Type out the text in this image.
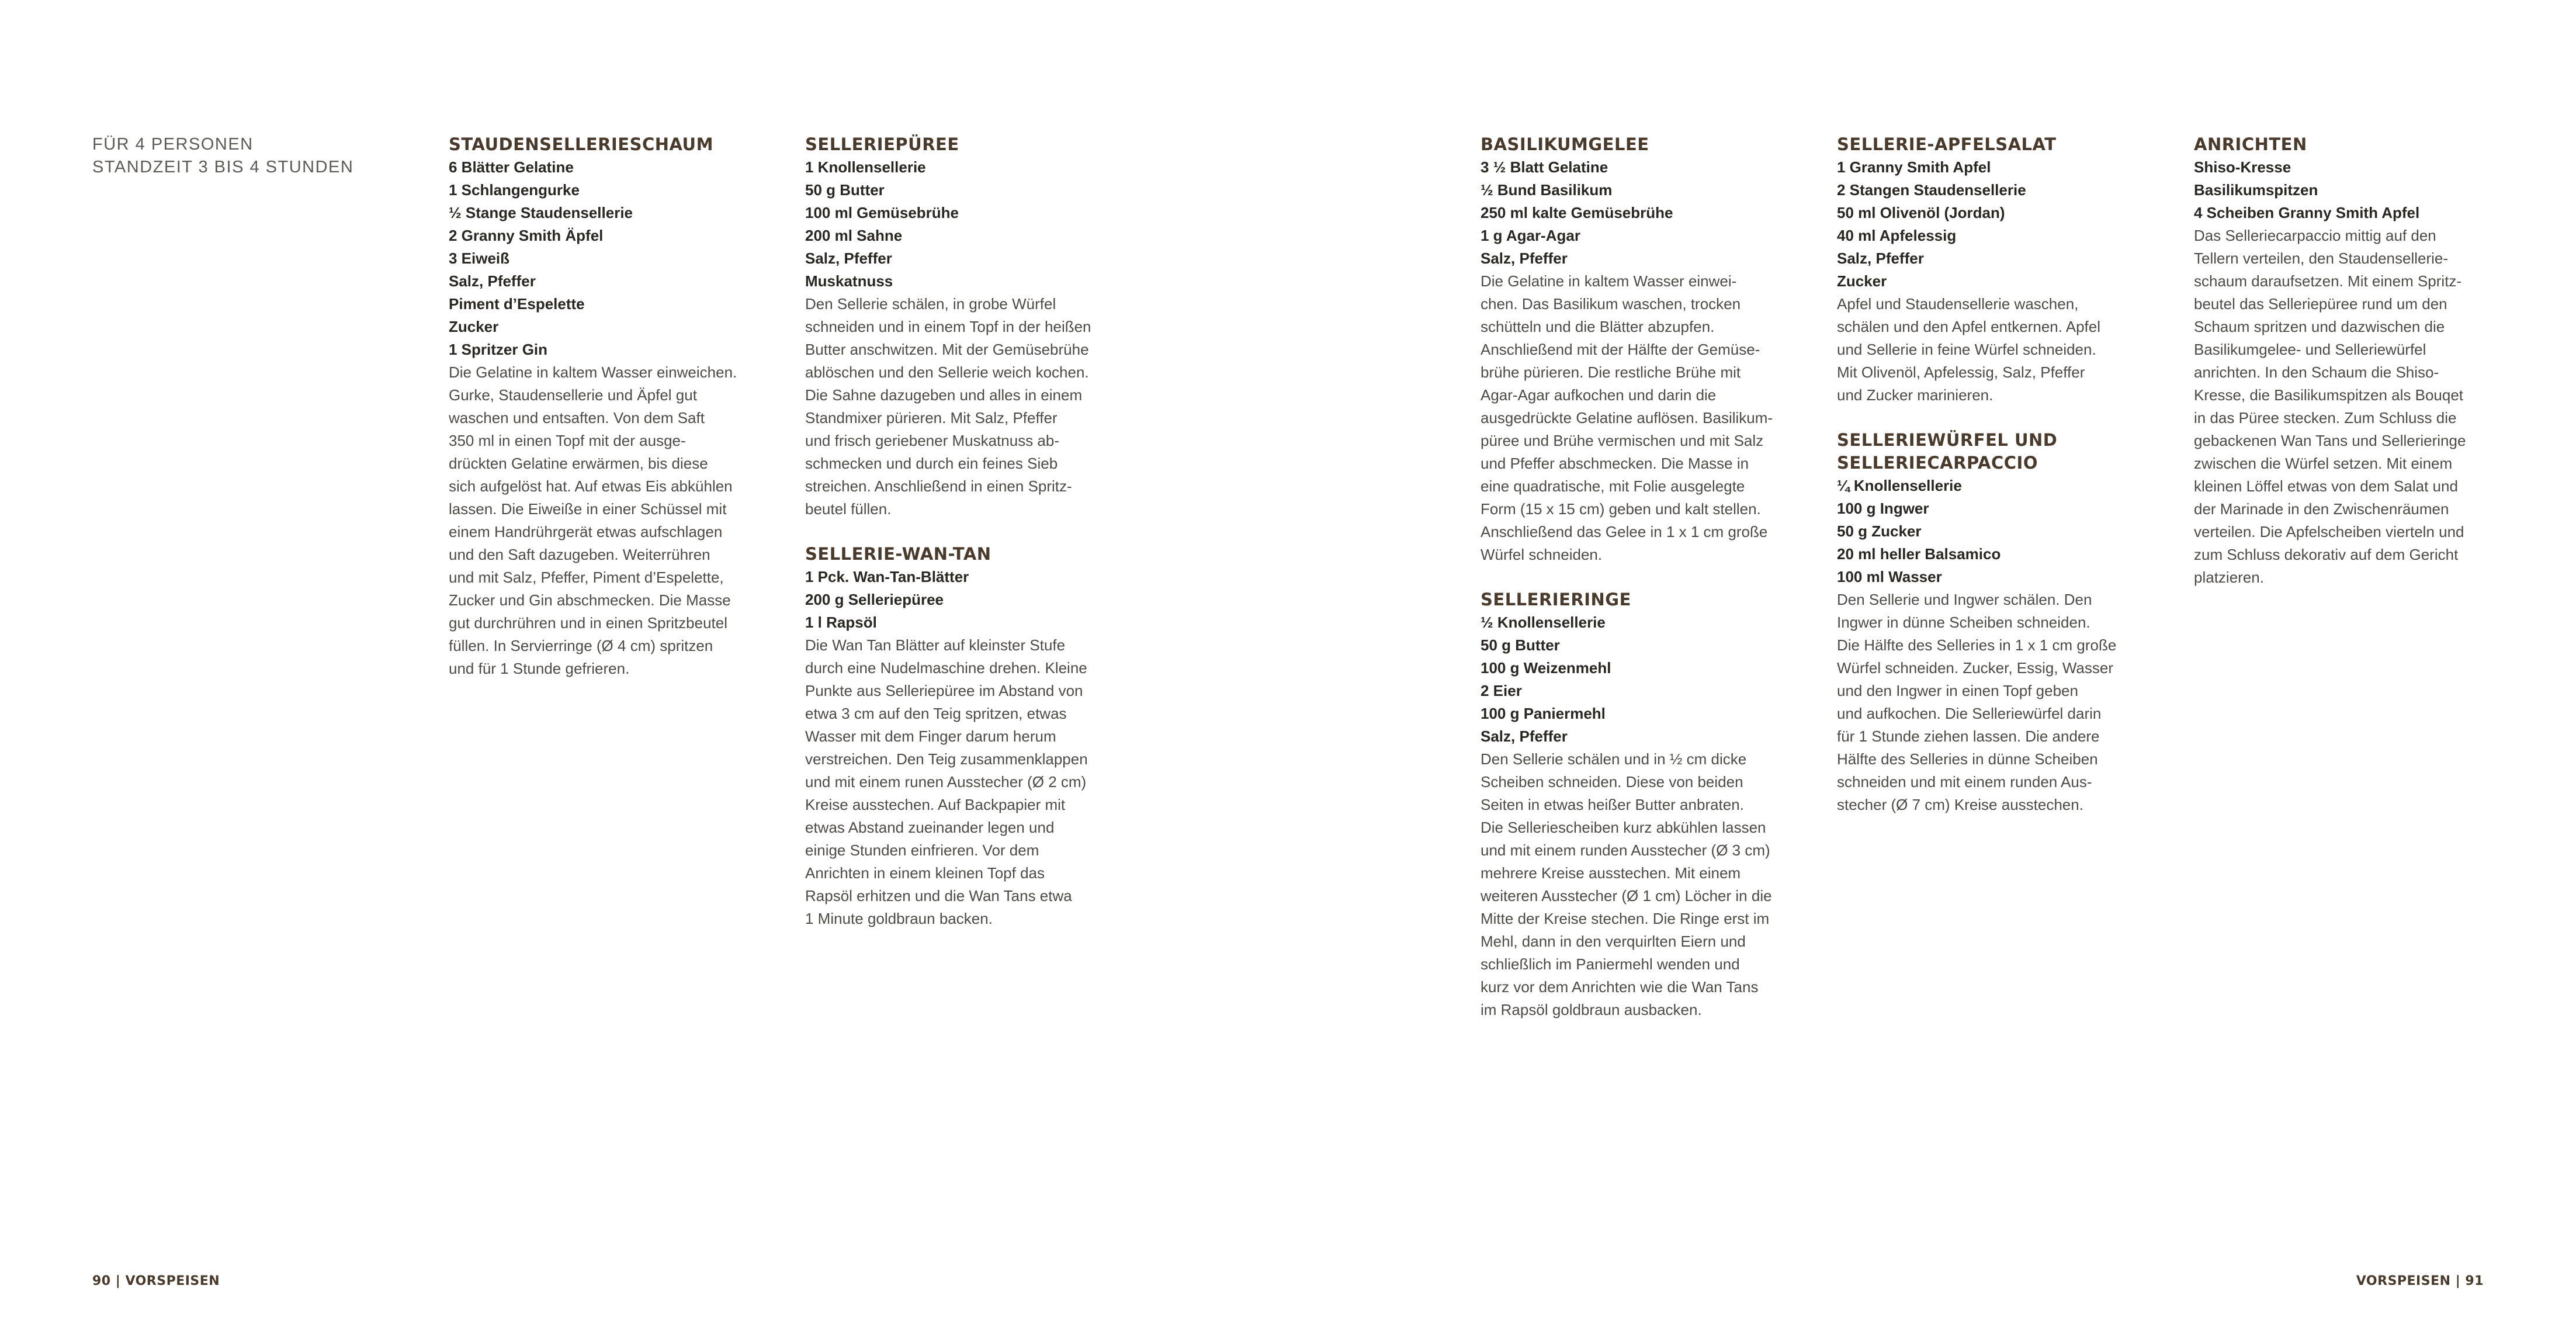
FÜR 4 PERSONEN
STANDZEIT 3 BIS 4 STUNDEN
STAUDENSELLERIESCHAUM
6 Blätter Gelatine
1 Schlangengurke
½ Stange Staudensellerie
2 Granny Smith Äpfel
3 Eiweiß
Salz, Pfeffer
Piment d’Espelette
Zucker
1 Spritzer Gin
Die Gelatine in kaltem Wasser einweichen.
Gurke, Staudensellerie und Äpfel gut
waschen und entsaften. Von dem Saft
350 ml in einen Topf mit der ausge-
drückten Gelatine erwärmen, bis diese
sich aufgelöst hat. Auf etwas Eis abkühlen
lassen. Die Eiweiße in einer Schüssel mit
einem Handrührgerät etwas aufschlagen
und den Saft dazugeben. Weiterrühren
und mit Salz, Pfeffer, Piment d’Espelette,
Zucker und Gin abschmecken. Die Masse
gut durchrühren und in einen Spritzbeutel
füllen. In Servierringe (Ø 4 cm) spritzen
und für 1 Stunde gefrieren.
SELLERIEPÜREE
1 Knollensellerie
50 g Butter
100 ml Gemüsebrühe
200 ml Sahne
Salz, Pfeffer
Muskatnuss
Den Sellerie schälen, in grobe Würfel
schneiden und in einem Topf in der heißen
Butter anschwitzen. Mit der Gemüsebrühe
ablöschen und den Sellerie weich kochen.
Die Sahne dazugeben und alles in einem
Standmixer pürieren. Mit Salz, Pfeffer
und frisch geriebener Muskatnuss ab-
schmecken und durch ein feines Sieb
streichen. Anschließend in einen Spritz-
beutel füllen.
SELLERIE-WAN-TAN
1 Pck. Wan-Tan-Blätter
200 g Selleriepüree
1 l Rapsöl
Die Wan Tan Blätter auf kleinster Stufe
durch eine Nudelmaschine drehen. Kleine
Punkte aus Selleriepüree im Abstand von
etwa 3 cm auf den Teig spritzen, etwas
Wasser mit dem Finger darum herum
verstreichen. Den Teig zusammenklappen
und mit einem runen Ausstecher (Ø 2 cm)
Kreise ausstechen. Auf Backpapier mit
etwas Abstand zueinander legen und
einige Stunden einfrieren. Vor dem
Anrichten in einem kleinen Topf das
Rapsöl erhitzen und die Wan Tans etwa
1 Minute goldbraun backen.
BASILIKUMGELEE
3 ½ Blatt Gelatine
½ Bund Basilikum
250 ml kalte Gemüsebrühe
1 g Agar-Agar
Salz, Pfeffer
Die Gelatine in kaltem Wasser einwei-
chen. Das Basilikum waschen, trocken
schütteln und die Blätter abzupfen.
Anschließend mit der Hälfte der Gemüse-
brühe pürieren. Die restliche Brühe mit
Agar-Agar aufkochen und darin die
ausgedrückte Gelatine auflösen. Basilikum-
püree und Brühe vermischen und mit Salz
und Pfeffer abschmecken. Die Masse in
eine quadratische, mit Folie ausgelegte
Form (15 x 15 cm) geben und kalt stellen.
Anschließend das Gelee in 1 x 1 cm große
Würfel schneiden.
SELLERIERINGE
½ Knollensellerie
50 g Butter
100 g Weizenmehl
2 Eier
100 g Paniermehl
Salz, Pfeffer
Den Sellerie schälen und in ½ cm dicke
Scheiben schneiden. Diese von beiden
Seiten in etwas heißer Butter anbraten.
Die Selleriescheiben kurz abkühlen lassen
und mit einem runden Ausstecher (Ø 3 cm)
mehrere Kreise ausstechen. Mit einem
weiteren Ausstecher (Ø 1 cm) Löcher in die
Mitte der Kreise stechen. Die Ringe erst im
Mehl, dann in den verquirlten Eiern und
schließlich im Paniermehl wenden und
kurz vor dem Anrichten wie die Wan Tans
im Rapsöl goldbraun ausbacken.
SELLERIE-APFELSALAT
1 Granny Smith Apfel
2 Stangen Staudensellerie
50 ml Olivenöl (Jordan)
40 ml Apfelessig
Salz, Pfeffer
Zucker
Apfel und Staudensellerie waschen,
schälen und den Apfel entkernen. Apfel
und Sellerie in feine Würfel schneiden.
Mit Olivenöl, Apfelessig, Salz, Pfeffer
und Zucker marinieren.
SELLERIEWÜRFEL UND
SELLERIECARPACCIO
¼ Knollensellerie
100 g Ingwer
50 g Zucker
20 ml heller Balsamico
100 ml Wasser
Den Sellerie und Ingwer schälen. Den
Ingwer in dünne Scheiben schneiden.
Die Hälfte des Selleries in 1 x 1 cm große
Würfel schneiden. Zucker, Essig, Wasser
und den Ingwer in einen Topf geben
und aufkochen. Die Selleriewürfel darin
für 1 Stunde ziehen lassen. Die andere
Hälfte des Selleries in dünne Scheiben
schneiden und mit einem runden Aus-
stecher (Ø 7 cm) Kreise ausstechen.
ANRICHTEN
Shiso-Kresse
Basilikumspitzen
4 Scheiben Granny Smith Apfel
Das Selleriecarpaccio mittig auf den
Tellern verteilen, den Staudensellerie-
schaum daraufsetzen. Mit einem Spritz-
beutel das Selleriepüree rund um den
Schaum spritzen und dazwischen die
Basilikumgelee- und Selleriewürfel
anrichten. In den Schaum die Shiso-
Kresse, die Basilikumspitzen als Bouqet
in das Püree stecken. Zum Schluss die
gebackenen Wan Tans und Sellerieringe
zwischen die Würfel setzen. Mit einem
kleinen Löffel etwas von dem Salat und
der Marinade in den Zwischenräumen
verteilen. Die Apfelscheiben vierteln und
zum Schluss dekorativ auf dem Gericht
platzieren.
90 | VORSPEISEN	VORSPEISEN | 91
